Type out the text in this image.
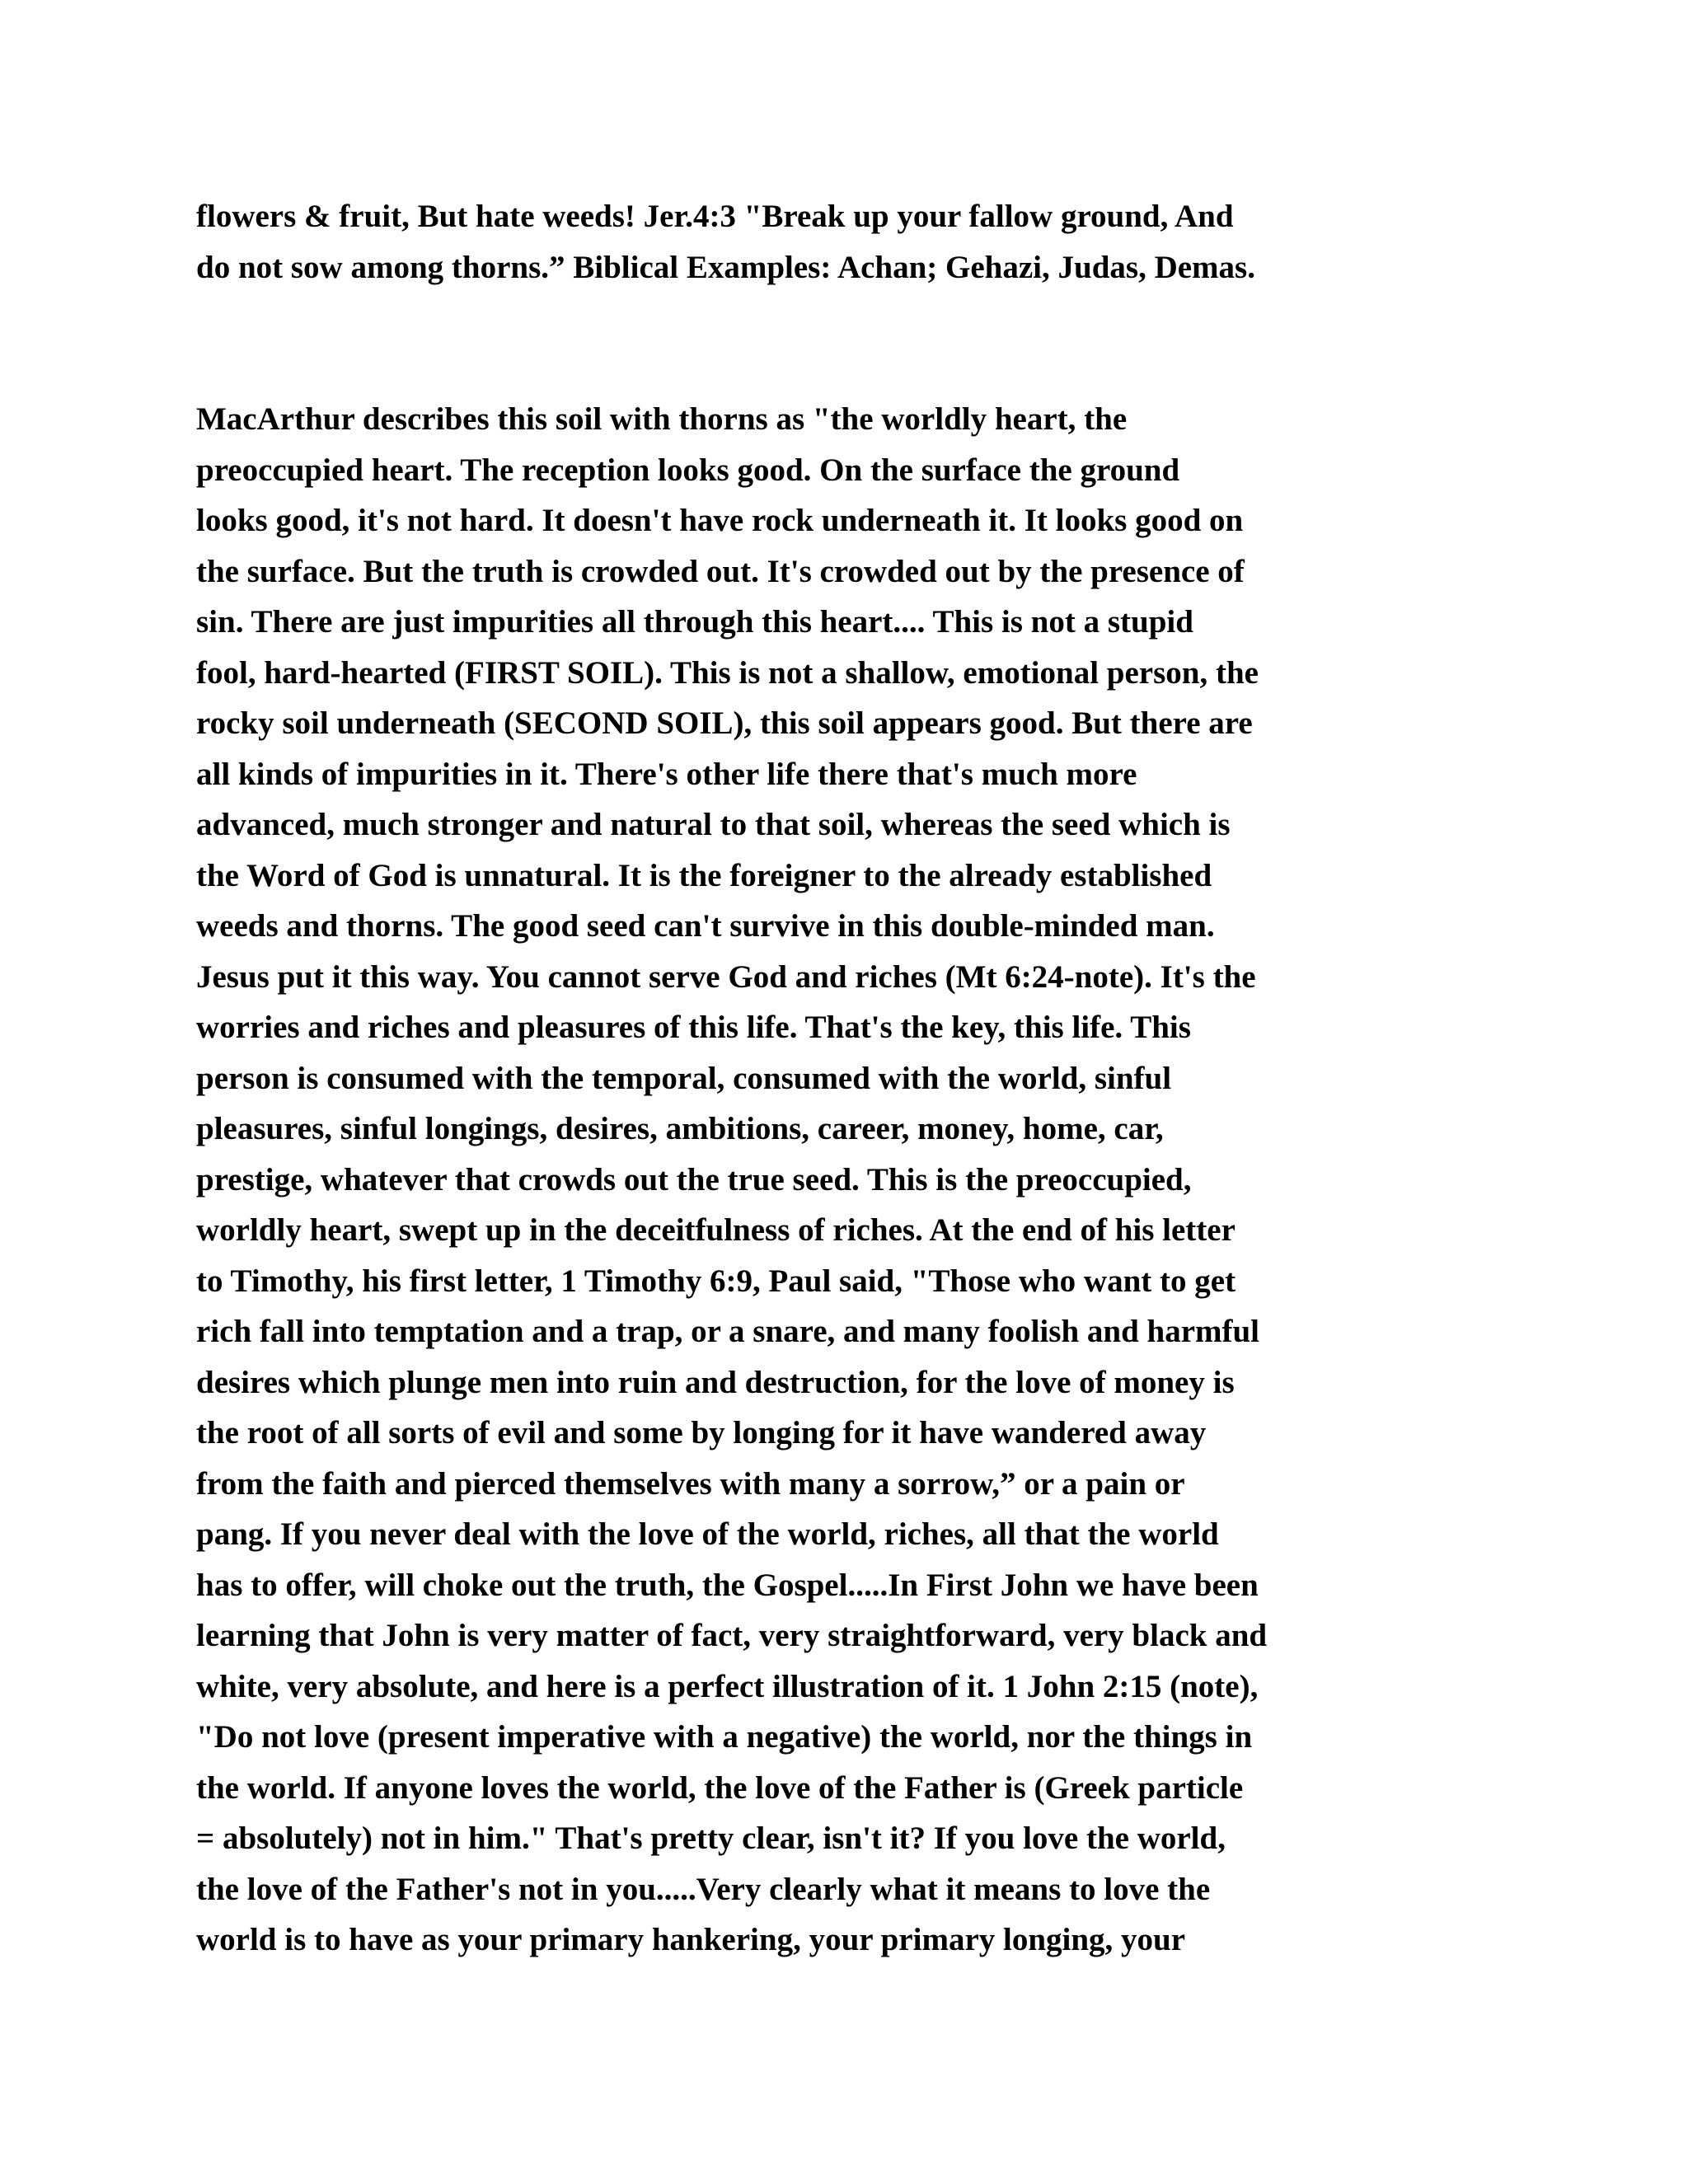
flowers & fruit, But hate weeds! Jer.4:3 "Break up your fallow ground, And
do not sow among thorns.” Biblical Examples: Achan; Gehazi, Judas, Demas.
MacArthur describes this soil with thorns as "the worldly heart, the
preoccupied heart. The reception looks good. On the surface the ground
looks good, it's not hard. It doesn't have rock underneath it. It looks good on
the surface. But the truth is crowded out. It's crowded out by the presence of
sin. There are just impurities all through this heart.... This is not a stupid
fool, hard-hearted (FIRST SOIL). This is not a shallow, emotional person, the
rocky soil underneath (SECOND SOIL), this soil appears good. But there are
all kinds of impurities in it. There's other life there that's much more
advanced, much stronger and natural to that soil, whereas the seed which is
the Word of God is unnatural. It is the foreigner to the already established
weeds and thorns. The good seed can't survive in this double-minded man.
Jesus put it this way. You cannot serve God and riches (Mt 6:24-note). It's the
worries and riches and pleasures of this life. That's the key, this life. This
person is consumed with the temporal, consumed with the world, sinful
pleasures, sinful longings, desires, ambitions, career, money, home, car,
prestige, whatever that crowds out the true seed. This is the preoccupied,
worldly heart, swept up in the deceitfulness of riches. At the end of his letter
to Timothy, his first letter, 1 Timothy 6:9, Paul said, "Those who want to get
rich fall into temptation and a trap, or a snare, and many foolish and harmful
desires which plunge men into ruin and destruction, for the love of money is
the root of all sorts of evil and some by longing for it have wandered away
from the faith and pierced themselves with many a sorrow,” or a pain or
pang. If you never deal with the love of the world, riches, all that the world
has to offer, will choke out the truth, the Gospel.....In First John we have been
learning that John is very matter of fact, very straightforward, very black and
white, very absolute, and here is a perfect illustration of it. 1 John 2:15 (note),
"Do not love (present imperative with a negative) the world, nor the things in
the world. If anyone loves the world, the love of the Father is (Greek particle
= absolutely) not in him." That's pretty clear, isn't it? If you love the world,
the love of the Father's not in you.....Very clearly what it means to love the
world is to have as your primary hankering, your primary longing, your
